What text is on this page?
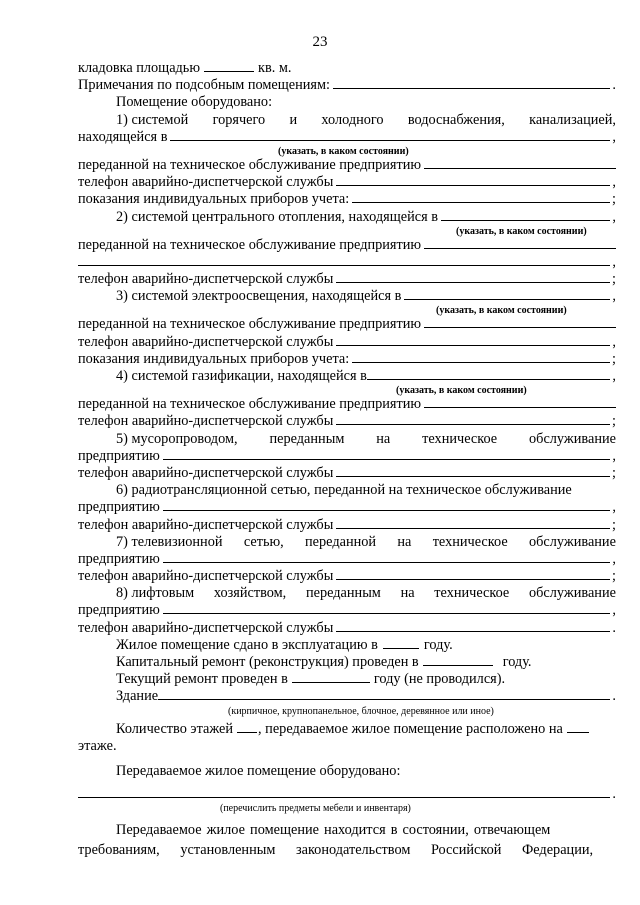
23
кладовка площадью	кв. м.
Примечания по подсобным помещениям:	.
Помещение оборудовано:
1) системой горячего и холодного водоснабжения, канализацией,
находящейся в	,
(указать, в каком состоянии)
переданной на техническое обслуживание предприятию
телефон аварийно-диспетчерской службы	,
показания индивидуальных приборов учета:	;
2) системой центрального отопления, находящейся в	,
(указать, в каком состоянии)
переданной на техническое обслуживание предприятию
,
телефон аварийно-диспетчерской службы	;
3) системой электроосвещения, находящейся в	,
(указать, в каком состоянии)
переданной на техническое обслуживание предприятию
телефон аварийно-диспетчерской службы	,
показания индивидуальных приборов учета:	;
4) системой газификации, находящейся в	,
(указать, в каком состоянии)
переданной на техническое обслуживание предприятию
телефон аварийно-диспетчерской службы	;
5) мусоропроводом, переданным на техническое обслуживание
предприятию	,
телефон аварийно-диспетчерской службы	;
6) радиотрансляционной сетью, переданной на техническое обслуживание
предприятию	,
телефон аварийно-диспетчерской службы	;
7) телевизионной сетью, переданной на техническое обслуживание
предприятию	,
телефон аварийно-диспетчерской службы	;
8) лифтовым хозяйством, переданным на техническое обслуживание
предприятию	,
телефон аварийно-диспетчерской службы	.
Жилое помещение сдано в эксплуатацию в	году.
Капитальный ремонт (реконструкция) проведен в	году.
Текущий ремонт проведен в	году (не проводился).
Здание	.
(кирпичное, крупнопанельное, блочное, деревянное или иное)
Количество этажей , передаваемое жилое помещение расположено на
этаже.
Передаваемое жилое помещение оборудовано:
.
(перечислить предметы мебели и инвентаря)
Передаваемое жилое помещение находится в состоянии, отвечающем
требованиям, установленным законодательством Российской Федерации,
